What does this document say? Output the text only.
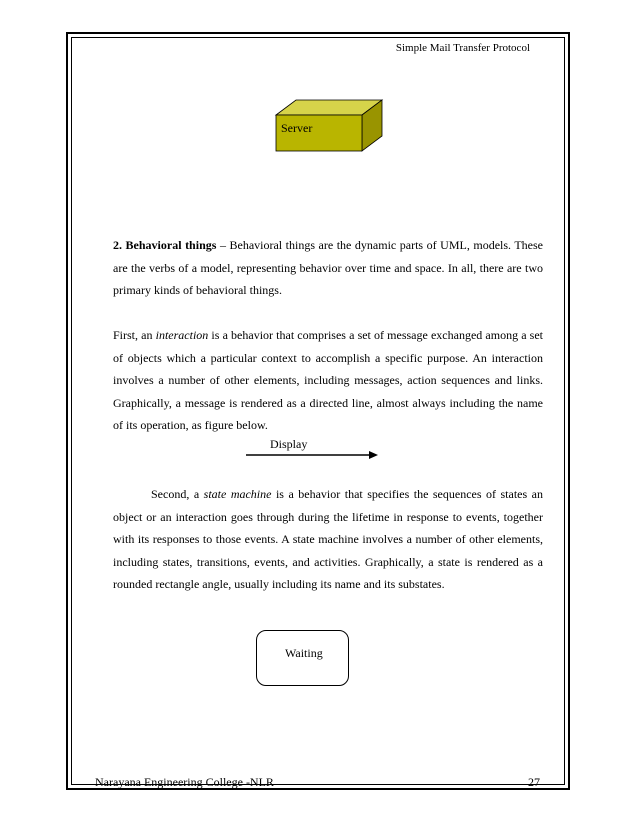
Simple Mail Transfer Protocol
Server

2. Behavioral things – Behavioral things are the dynamic parts of UML, models. These are the verbs of a model, representing behavior over time and space. In all, there are two primary kinds of behavioral things.

First, an interaction is a behavior that comprises a set of message exchanged among a set of objects which a particular context to accomplish a specific purpose. An interaction involves a number of other elements, including messages, action sequences and links. Graphically, a message is rendered as a directed line, almost always including the name of its operation, as figure below.

Display

Second, a state machine is a behavior that specifies the sequences of states an object or an interaction goes through during the lifetime in response to events, together with its responses to those events. A state machine involves a number of other elements, including states, transitions, events, and activities. Graphically, a state is rendered as a rounded rectangle angle, usually including its name and its substates.

Waiting
Narayana Engineering College -NLR	27
